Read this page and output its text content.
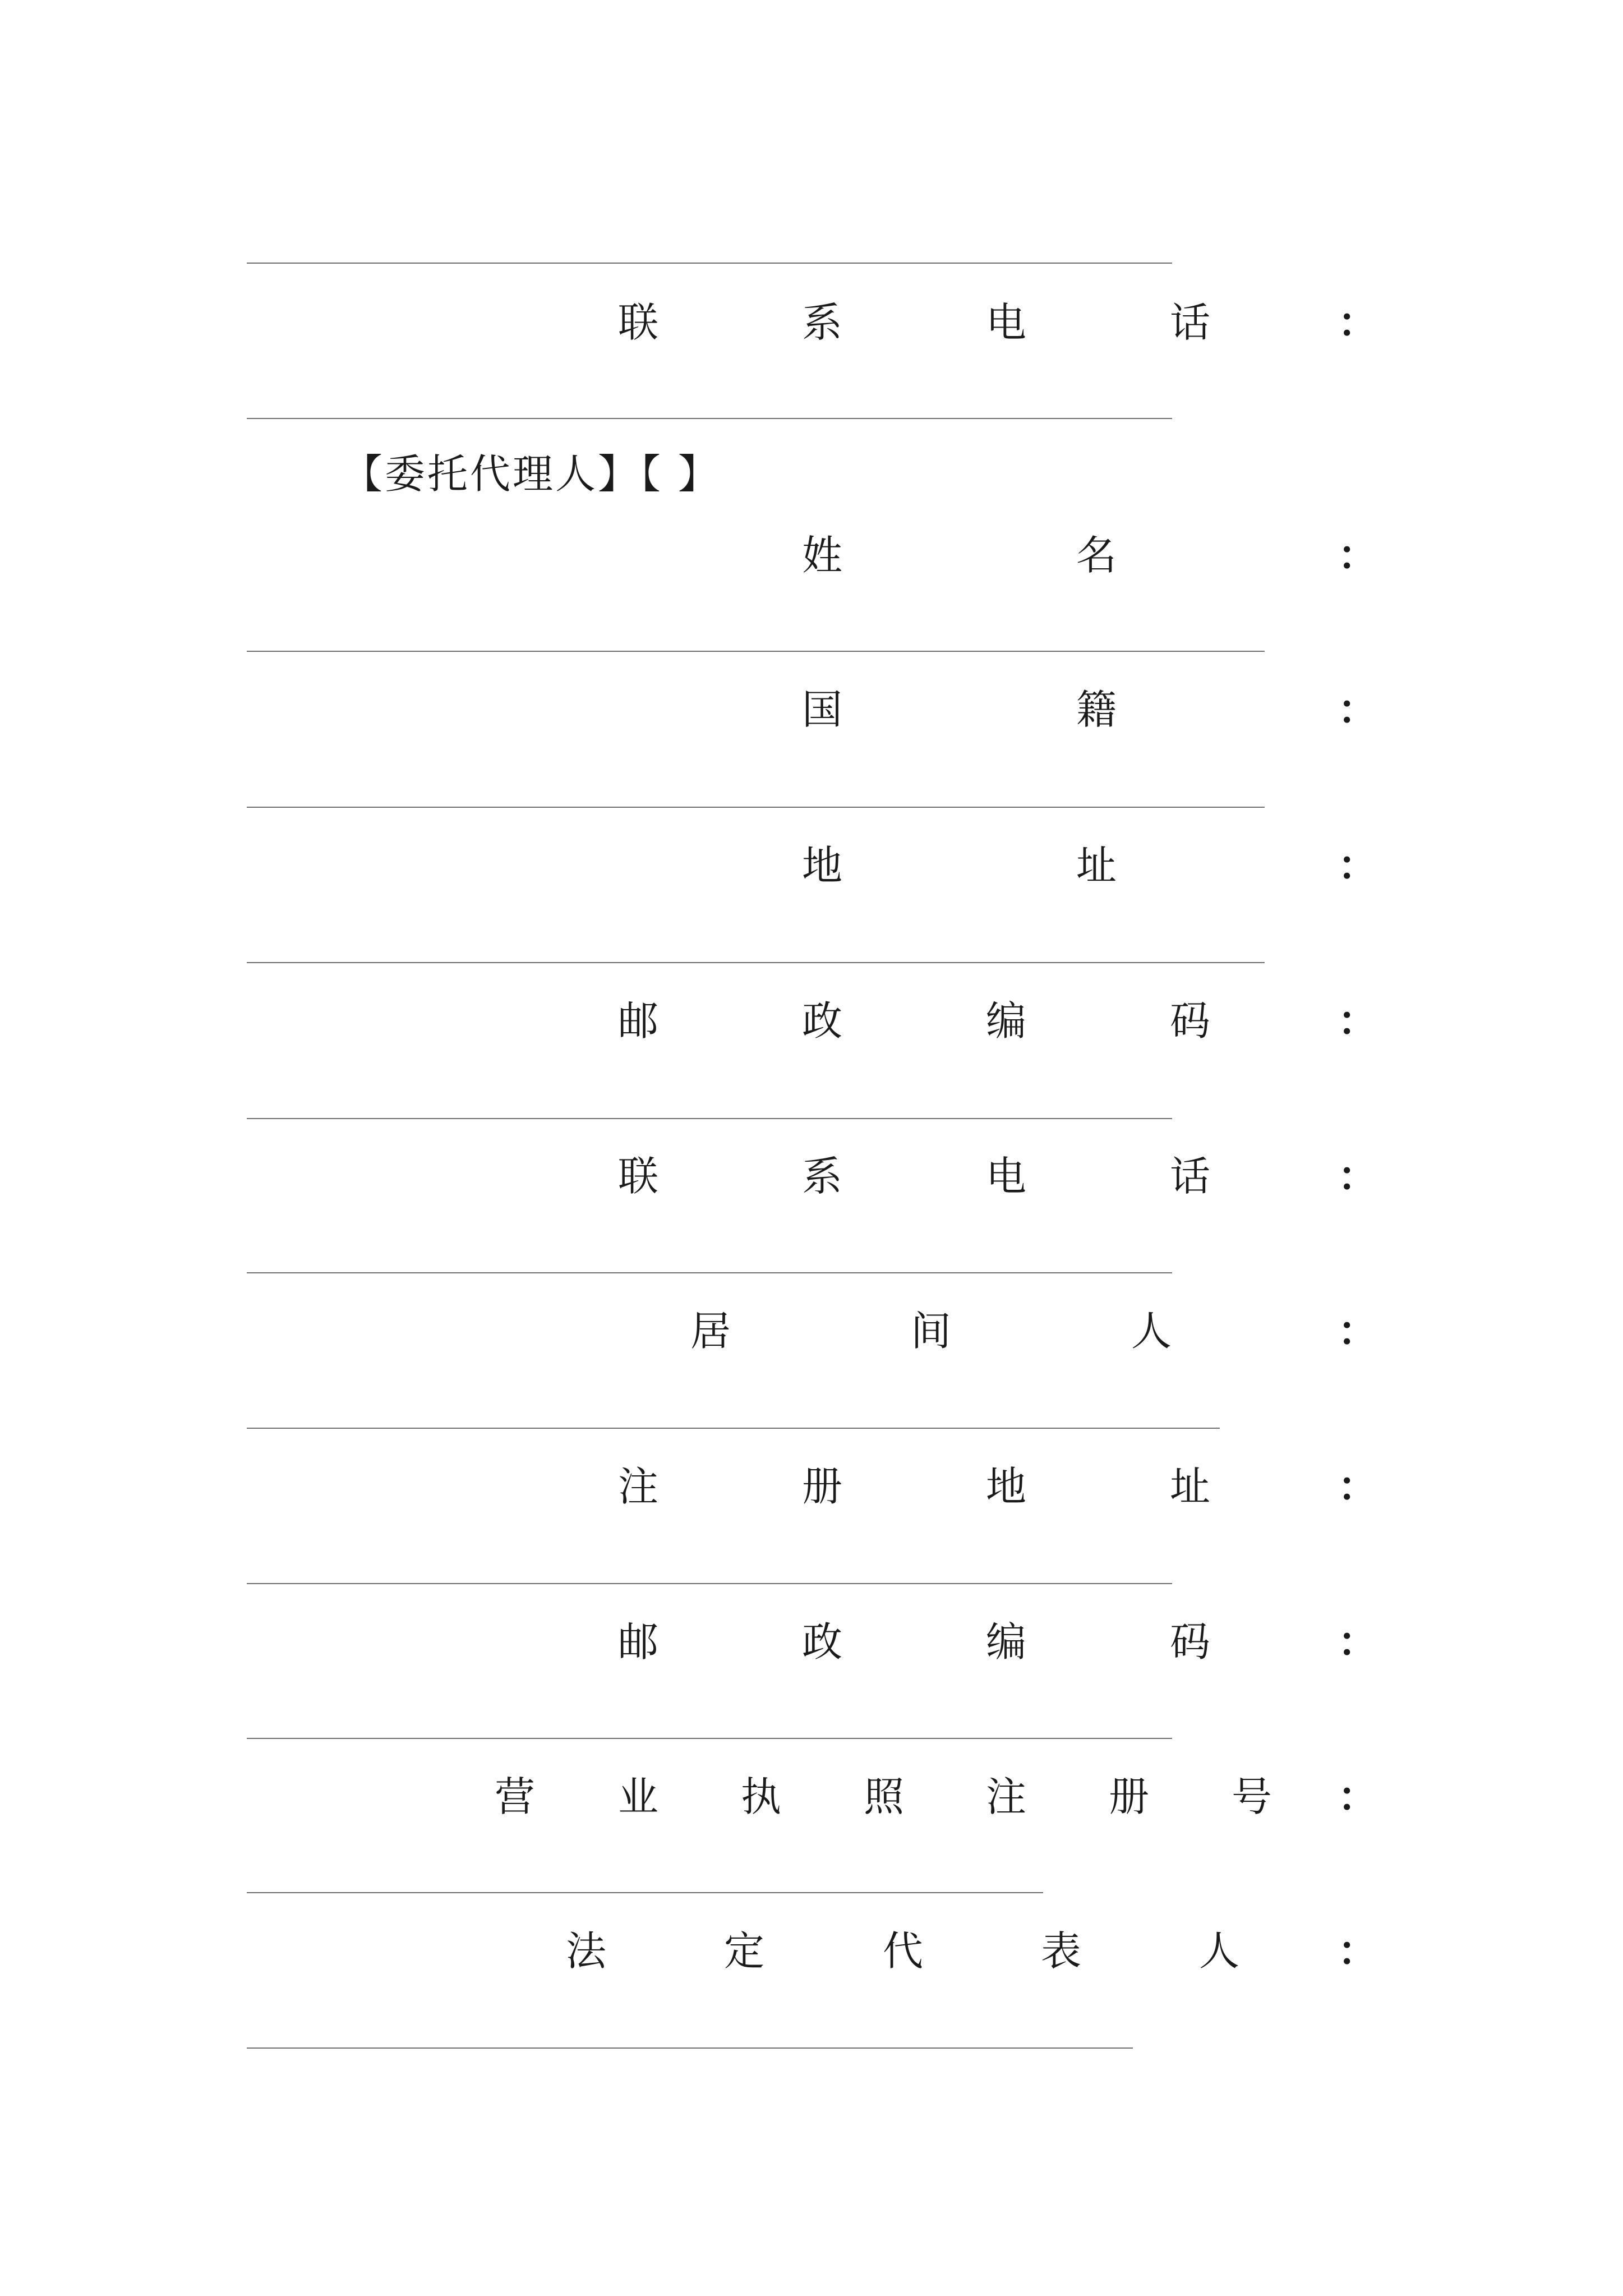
联	系	电	话	：
【委托代理人】【 】
姓	名	：
国	籍	：
地	址	：
邮	政	编	码	：
联	系	电	话	：
居	间	人	：
注	册	地	址	：
邮	政	编	码	：
营 业 执 照 注 册 号 ：
法	定	代	表	人 ：
